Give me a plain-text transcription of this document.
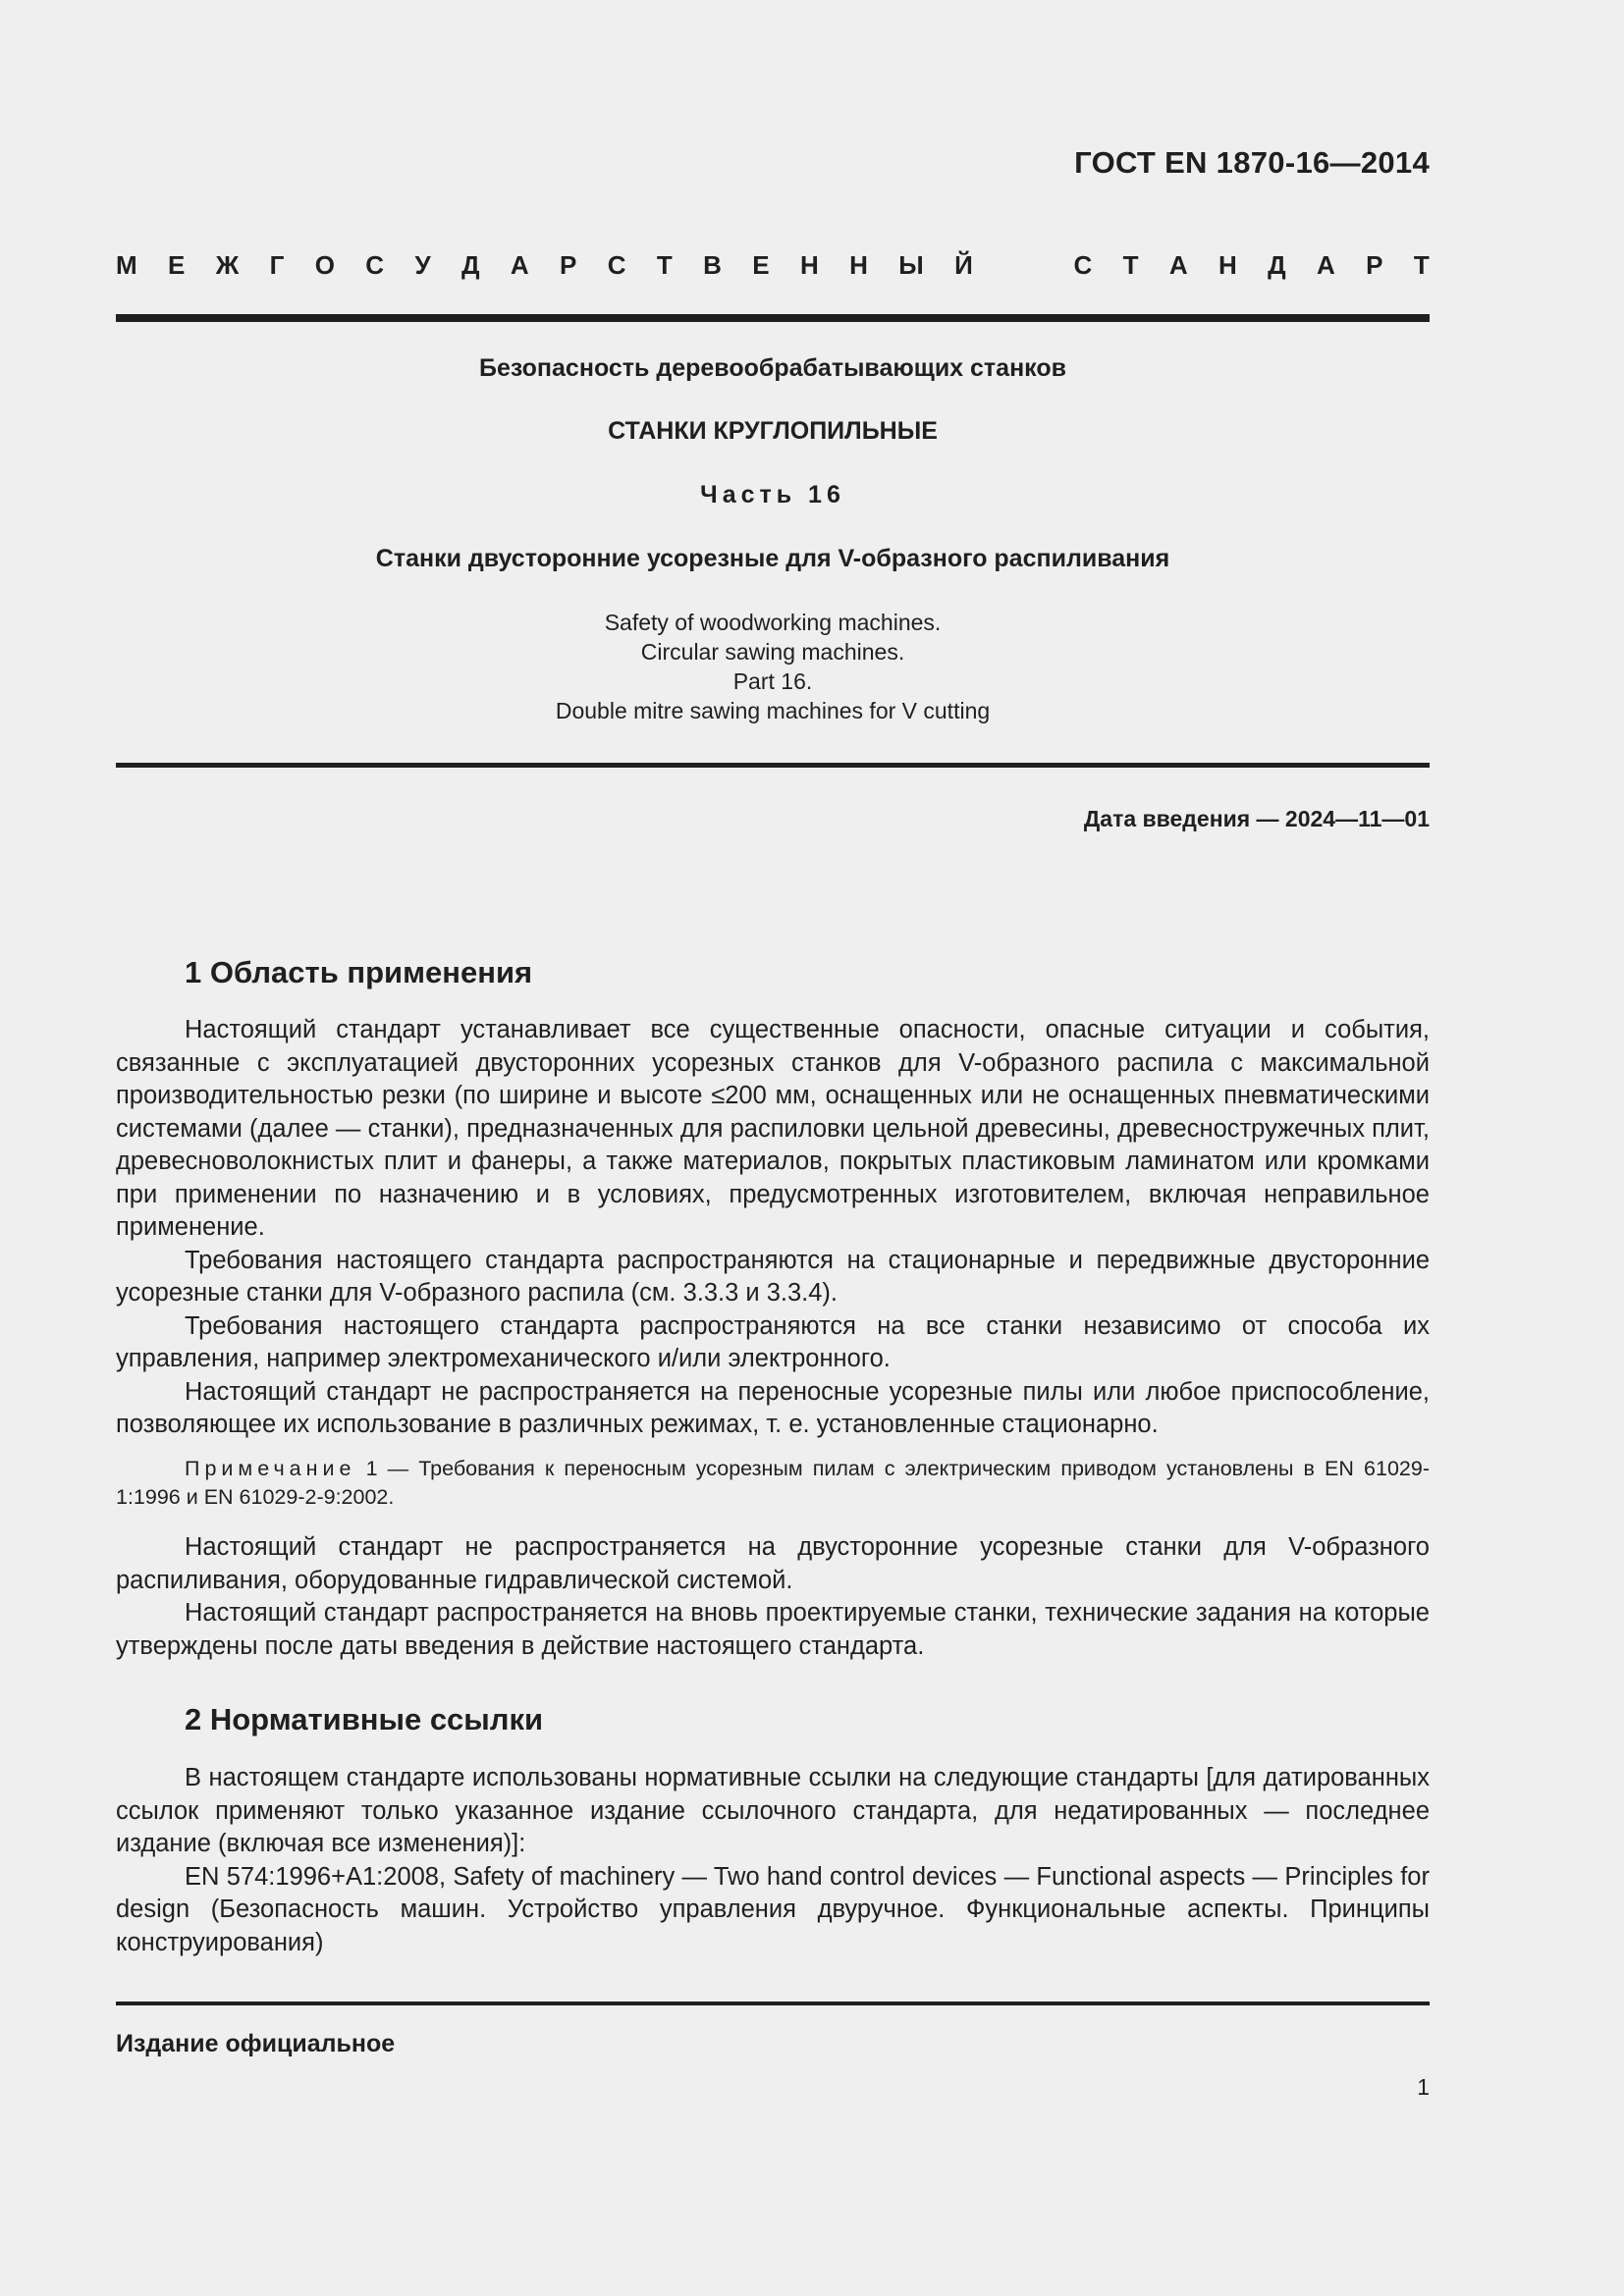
ГОСТ EN 1870-16—2014
М Е Ж Г О С У Д А Р С Т В Е Н Н Ы Й	С Т А Н Д А Р Т
Безопасность деревообрабатывающих станков
СТАНКИ КРУГЛОПИЛЬНЫЕ
Часть 16
Станки двусторонние усорезные для V-образного распиливания
Safety of woodworking machines.
Circular sawing machines.
Part 16.
Double mitre sawing machines for V cutting
Дата введения — 2024—11—01
1 Область применения

Настоящий стандарт устанавливает все существенные опасности, опасные ситуации и события, связанные с эксплуатацией двусторонних усорезных станков для V-образного распила с максимальной производительностью резки (по ширине и высоте ≤200 мм, оснащенных или не оснащенных пневматическими системами (далее — станки), предназначенных для распиловки цельной древесины, древесностружечных плит, древесноволокнистых плит и фанеры, а также материалов, покрытых пластиковым ламинатом или кромками при применении по назначению и в условиях, предусмотренных изготовителем, включая неправильное применение.

Требования настоящего стандарта распространяются на стационарные и передвижные двусторонние усорезные станки для V-образного распила (см. 3.3.3 и 3.3.4).

Требования настоящего стандарта распространяются на все станки независимо от способа их управления, например электромеханического и/или электронного.

Настоящий стандарт не распространяется на переносные усорезные пилы или любое приспособление, позволяющее их использование в различных режимах, т. е. установленные стационарно.

Примечание 1 — Требования к переносным усорезным пилам с электрическим приводом установлены в EN 61029-1:1996 и EN 61029-2-9:2002.

Настоящий стандарт не распространяется на двусторонние усорезные станки для V-образного распиливания, оборудованные гидравлической системой.

Настоящий стандарт распространяется на вновь проектируемые станки, технические задания на которые утверждены после даты введения в действие настоящего стандарта.

2 Нормативные ссылки

В настоящем стандарте использованы нормативные ссылки на следующие стандарты [для датированных ссылок применяют только указанное издание ссылочного стандарта, для недатированных — последнее издание (включая все изменения)]:

EN 574:1996+A1:2008, Safety of machinery — Two hand control devices — Functional aspects — Principles for design (Безопасность машин. Устройство управления двуручное. Функциональные аспекты. Принципы конструирования)

Издание официальное
1
